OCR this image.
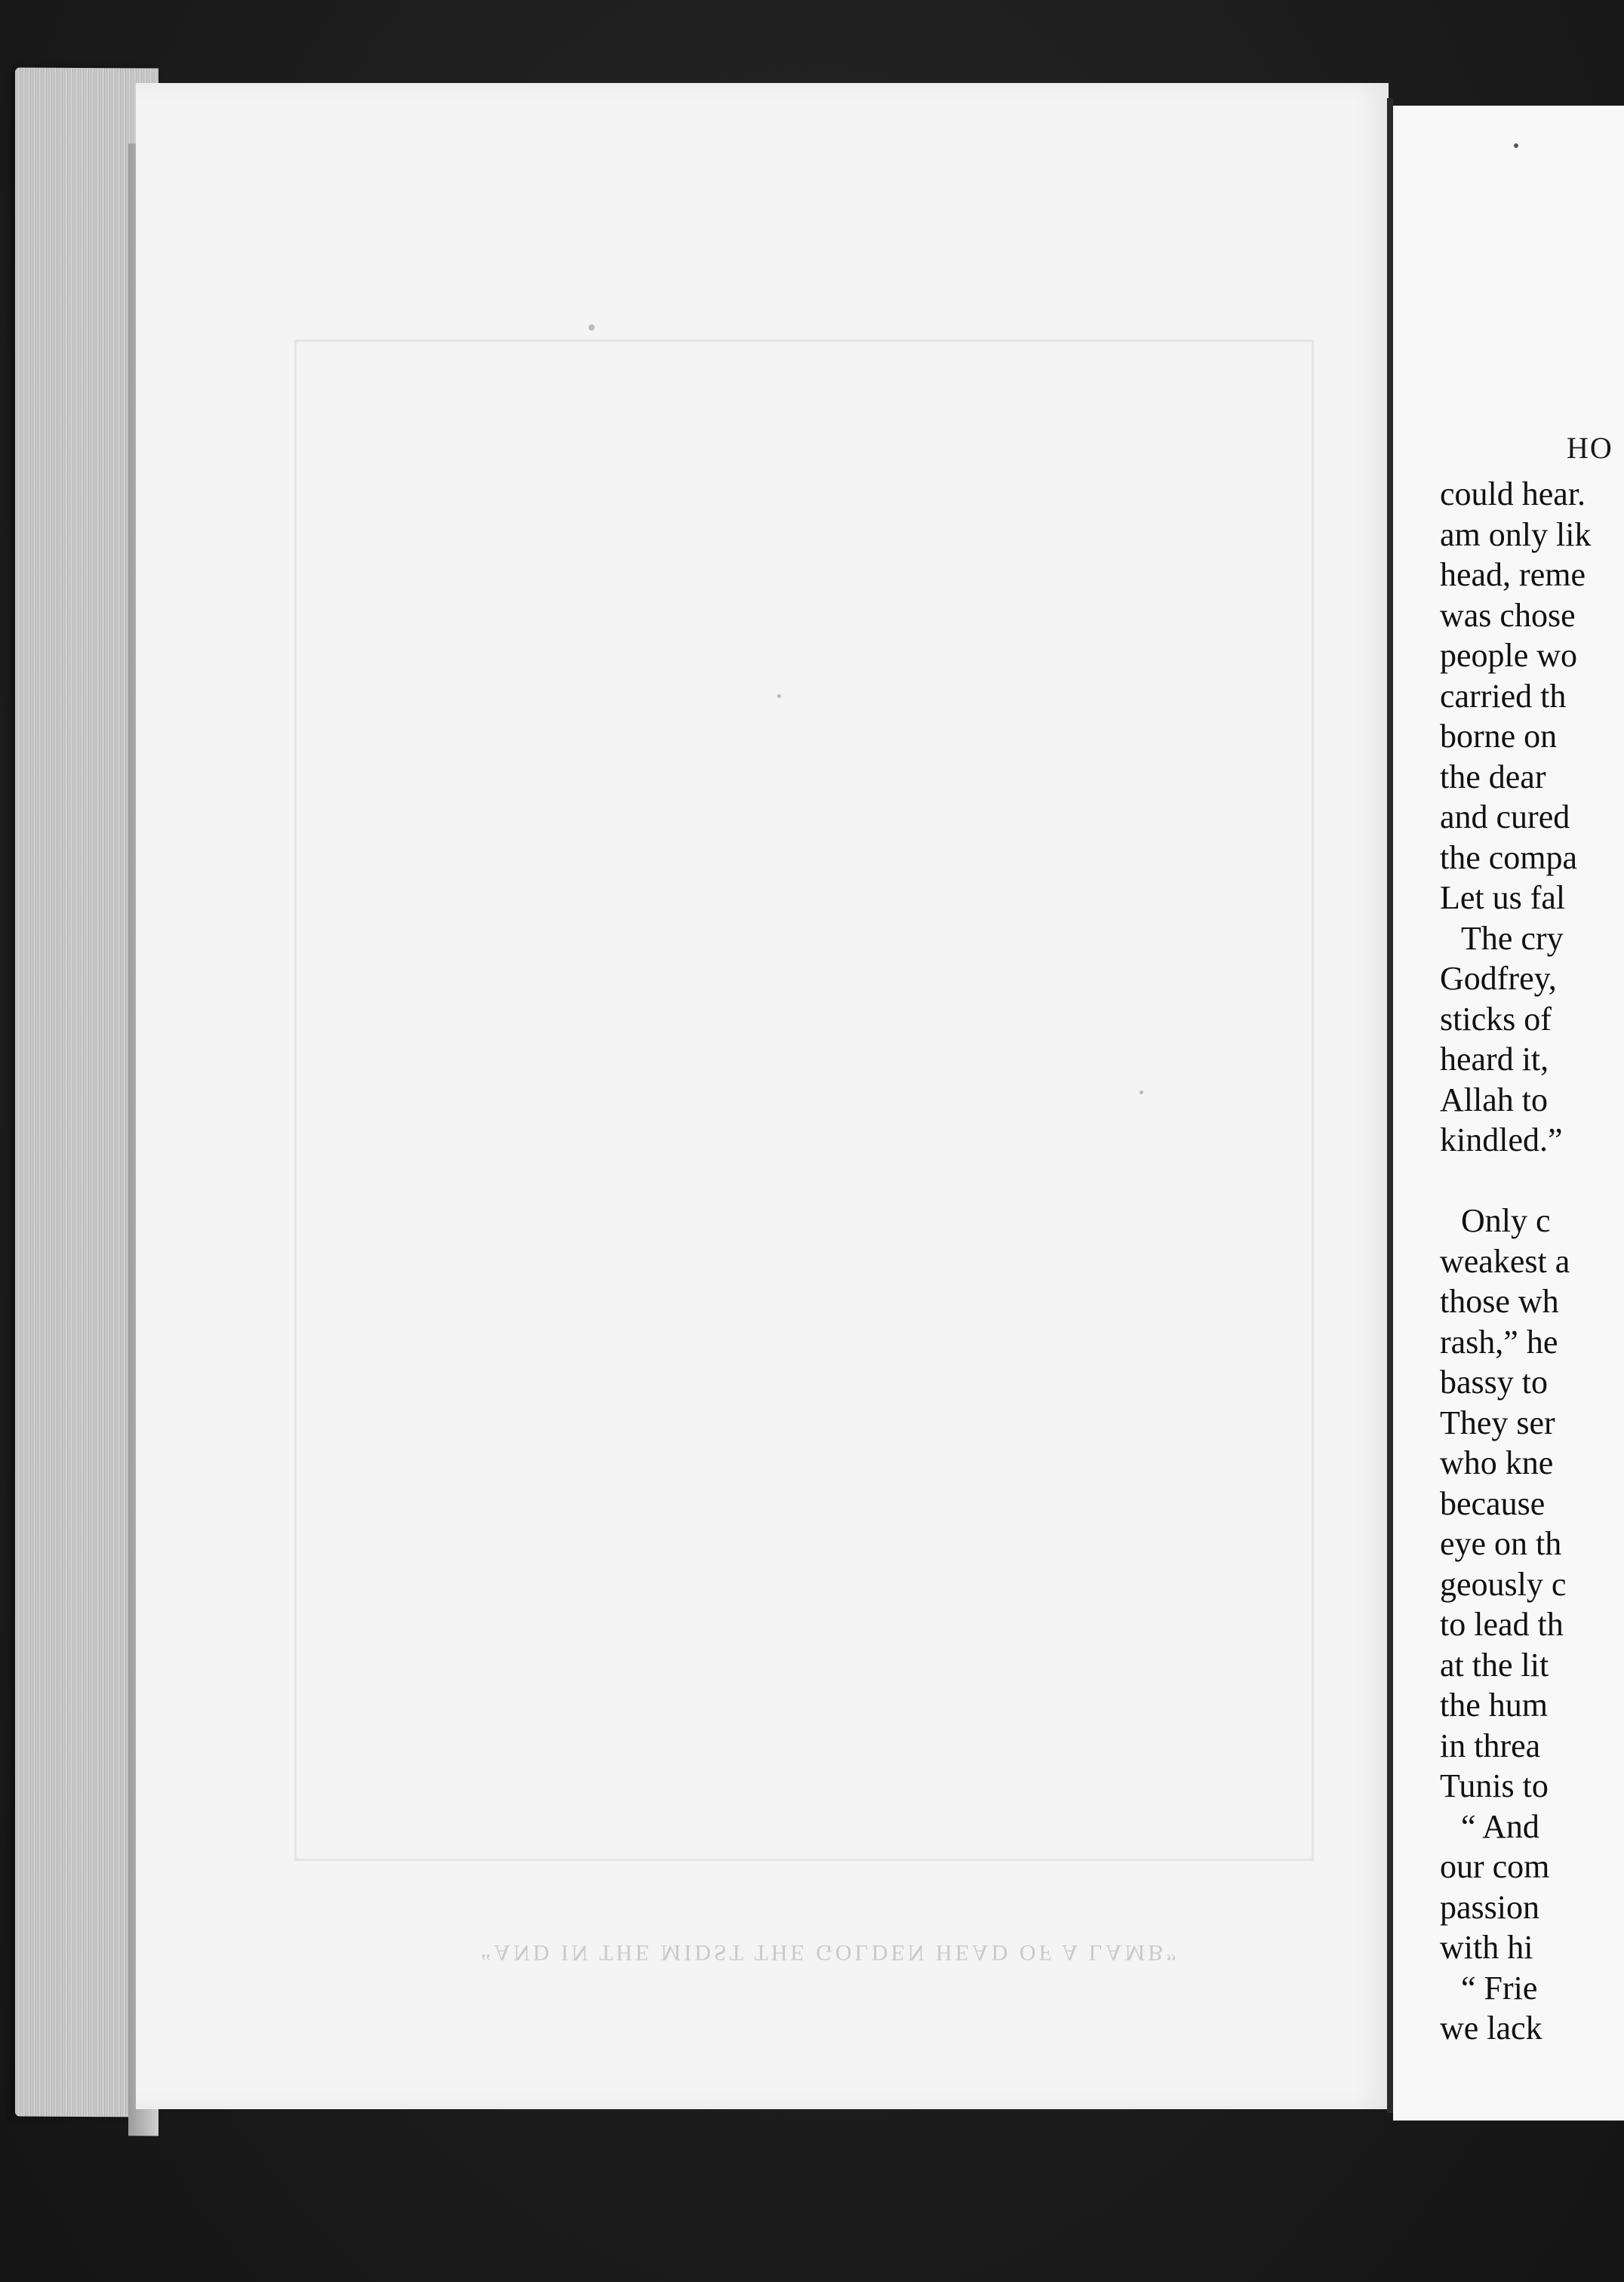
“AND IN THE MIDST THE GOLDEN HEAD OF A LAMB”
HO
could hear.
am only lik
head, reme
was chose
people wo
carried th
borne on
the dear
and cured
the compa
Let us fal
The cry
Godfrey,
sticks of
heard it,
Allah to
kindled.”
Only c
weakest a
those wh
rash,” he
bassy to
They ser
who kne
because
eye on th
geously c
to lead th
at the lit
the hum
in threa
Tunis to
“ And
our com
passion
with hi
“ Frie
we lack
